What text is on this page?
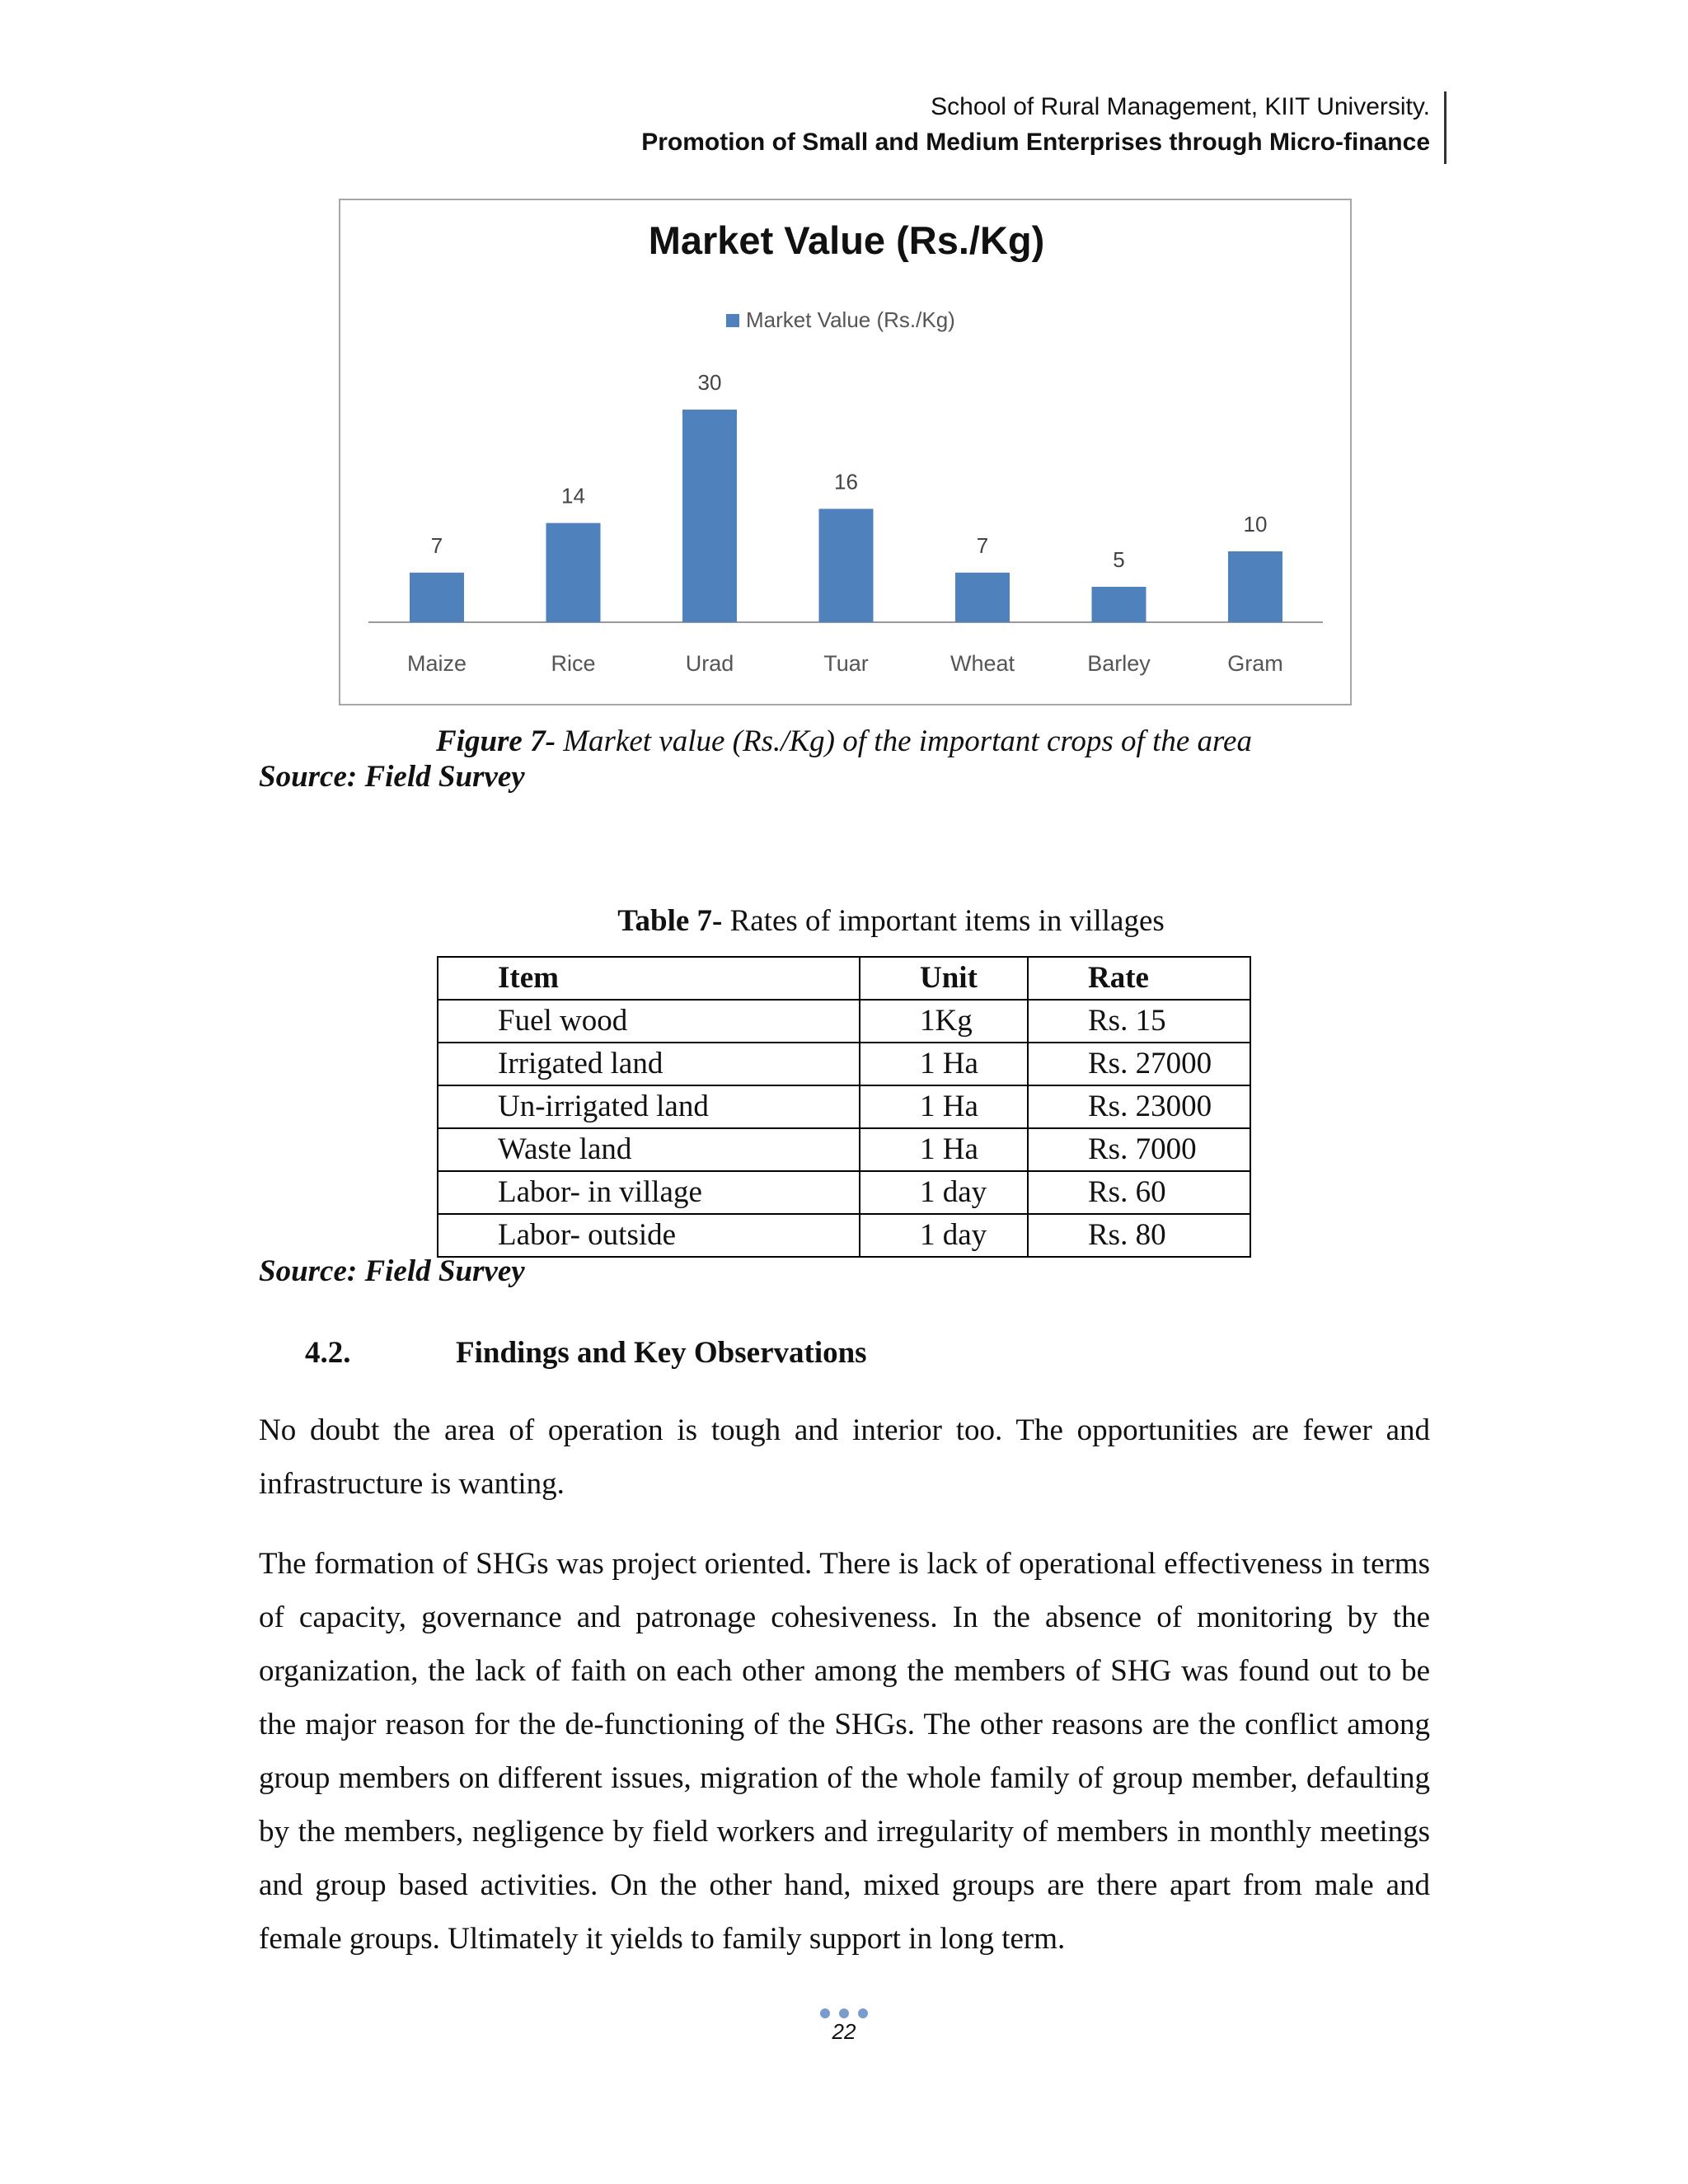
School of Rural Management, KIIT University.
Promotion of Small and Medium Enterprises through Micro-finance
Market Value (Rs./Kg)
Market Value (Rs./Kg)
7
Maize
14
Rice
30
Urad
16
Tuar
7
Wheat
5
Barley
10
Gram
Figure 7- Market value (Rs./Kg) of the important crops of the area
Source: Field Survey
Table 7- Rates of important items in villages
Item	Unit	Rate
Fuel wood	1Kg	Rs. 15
Irrigated land	1 Ha	Rs. 27000
Un-irrigated land	1 Ha	Rs. 23000
Waste land	1 Ha	Rs. 7000
Labor- in village	1 day	Rs. 60
Labor- outside	1 day	Rs. 80
Source: Field Survey
4.2.	Findings and Key Observations

No doubt the area of operation is tough and interior too. The opportunities are fewer and infrastructure is wanting.

The formation of SHGs was project oriented. There is lack of operational effectiveness in terms of capacity, governance and patronage cohesiveness. In the absence of monitoring by the organization, the lack of faith on each other among the members of SHG was found out to be the major reason for the de-functioning of the SHGs. The other reasons are the conflict among group members on different issues, migration of the whole family of group member, defaulting by the members, negligence by field workers and irregularity of members in monthly meetings and group based activities. On the other hand, mixed groups are there apart from male and female groups. Ultimately it yields to family support in long term.

22
